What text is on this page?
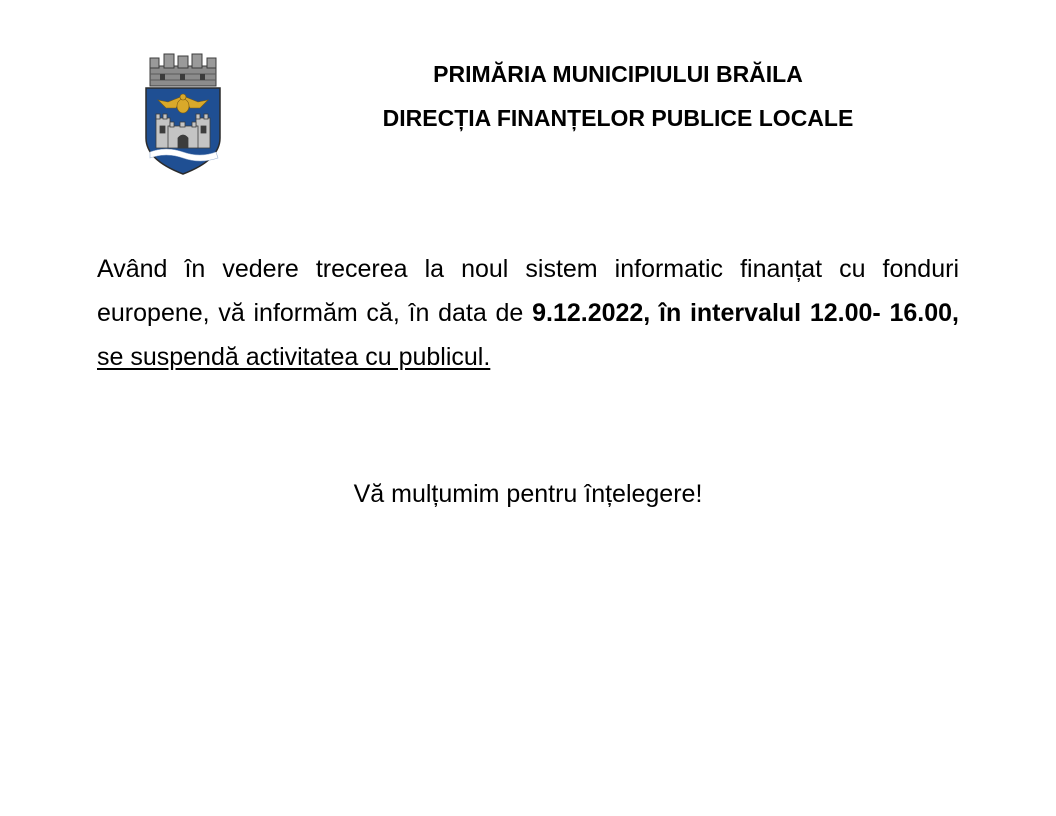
PRIMĂRIA MUNICIPIULUI BRĂILA
DIRECȚIA FINANȚELOR PUBLICE LOCALE

Având în vedere trecerea la noul sistem informatic finanțat cu fonduri europene, vă informăm că, în data de 9.12.2022, în intervalul 12.00- 16.00, se suspendă activitatea cu publicul.

Vă mulțumim pentru înțelegere!
